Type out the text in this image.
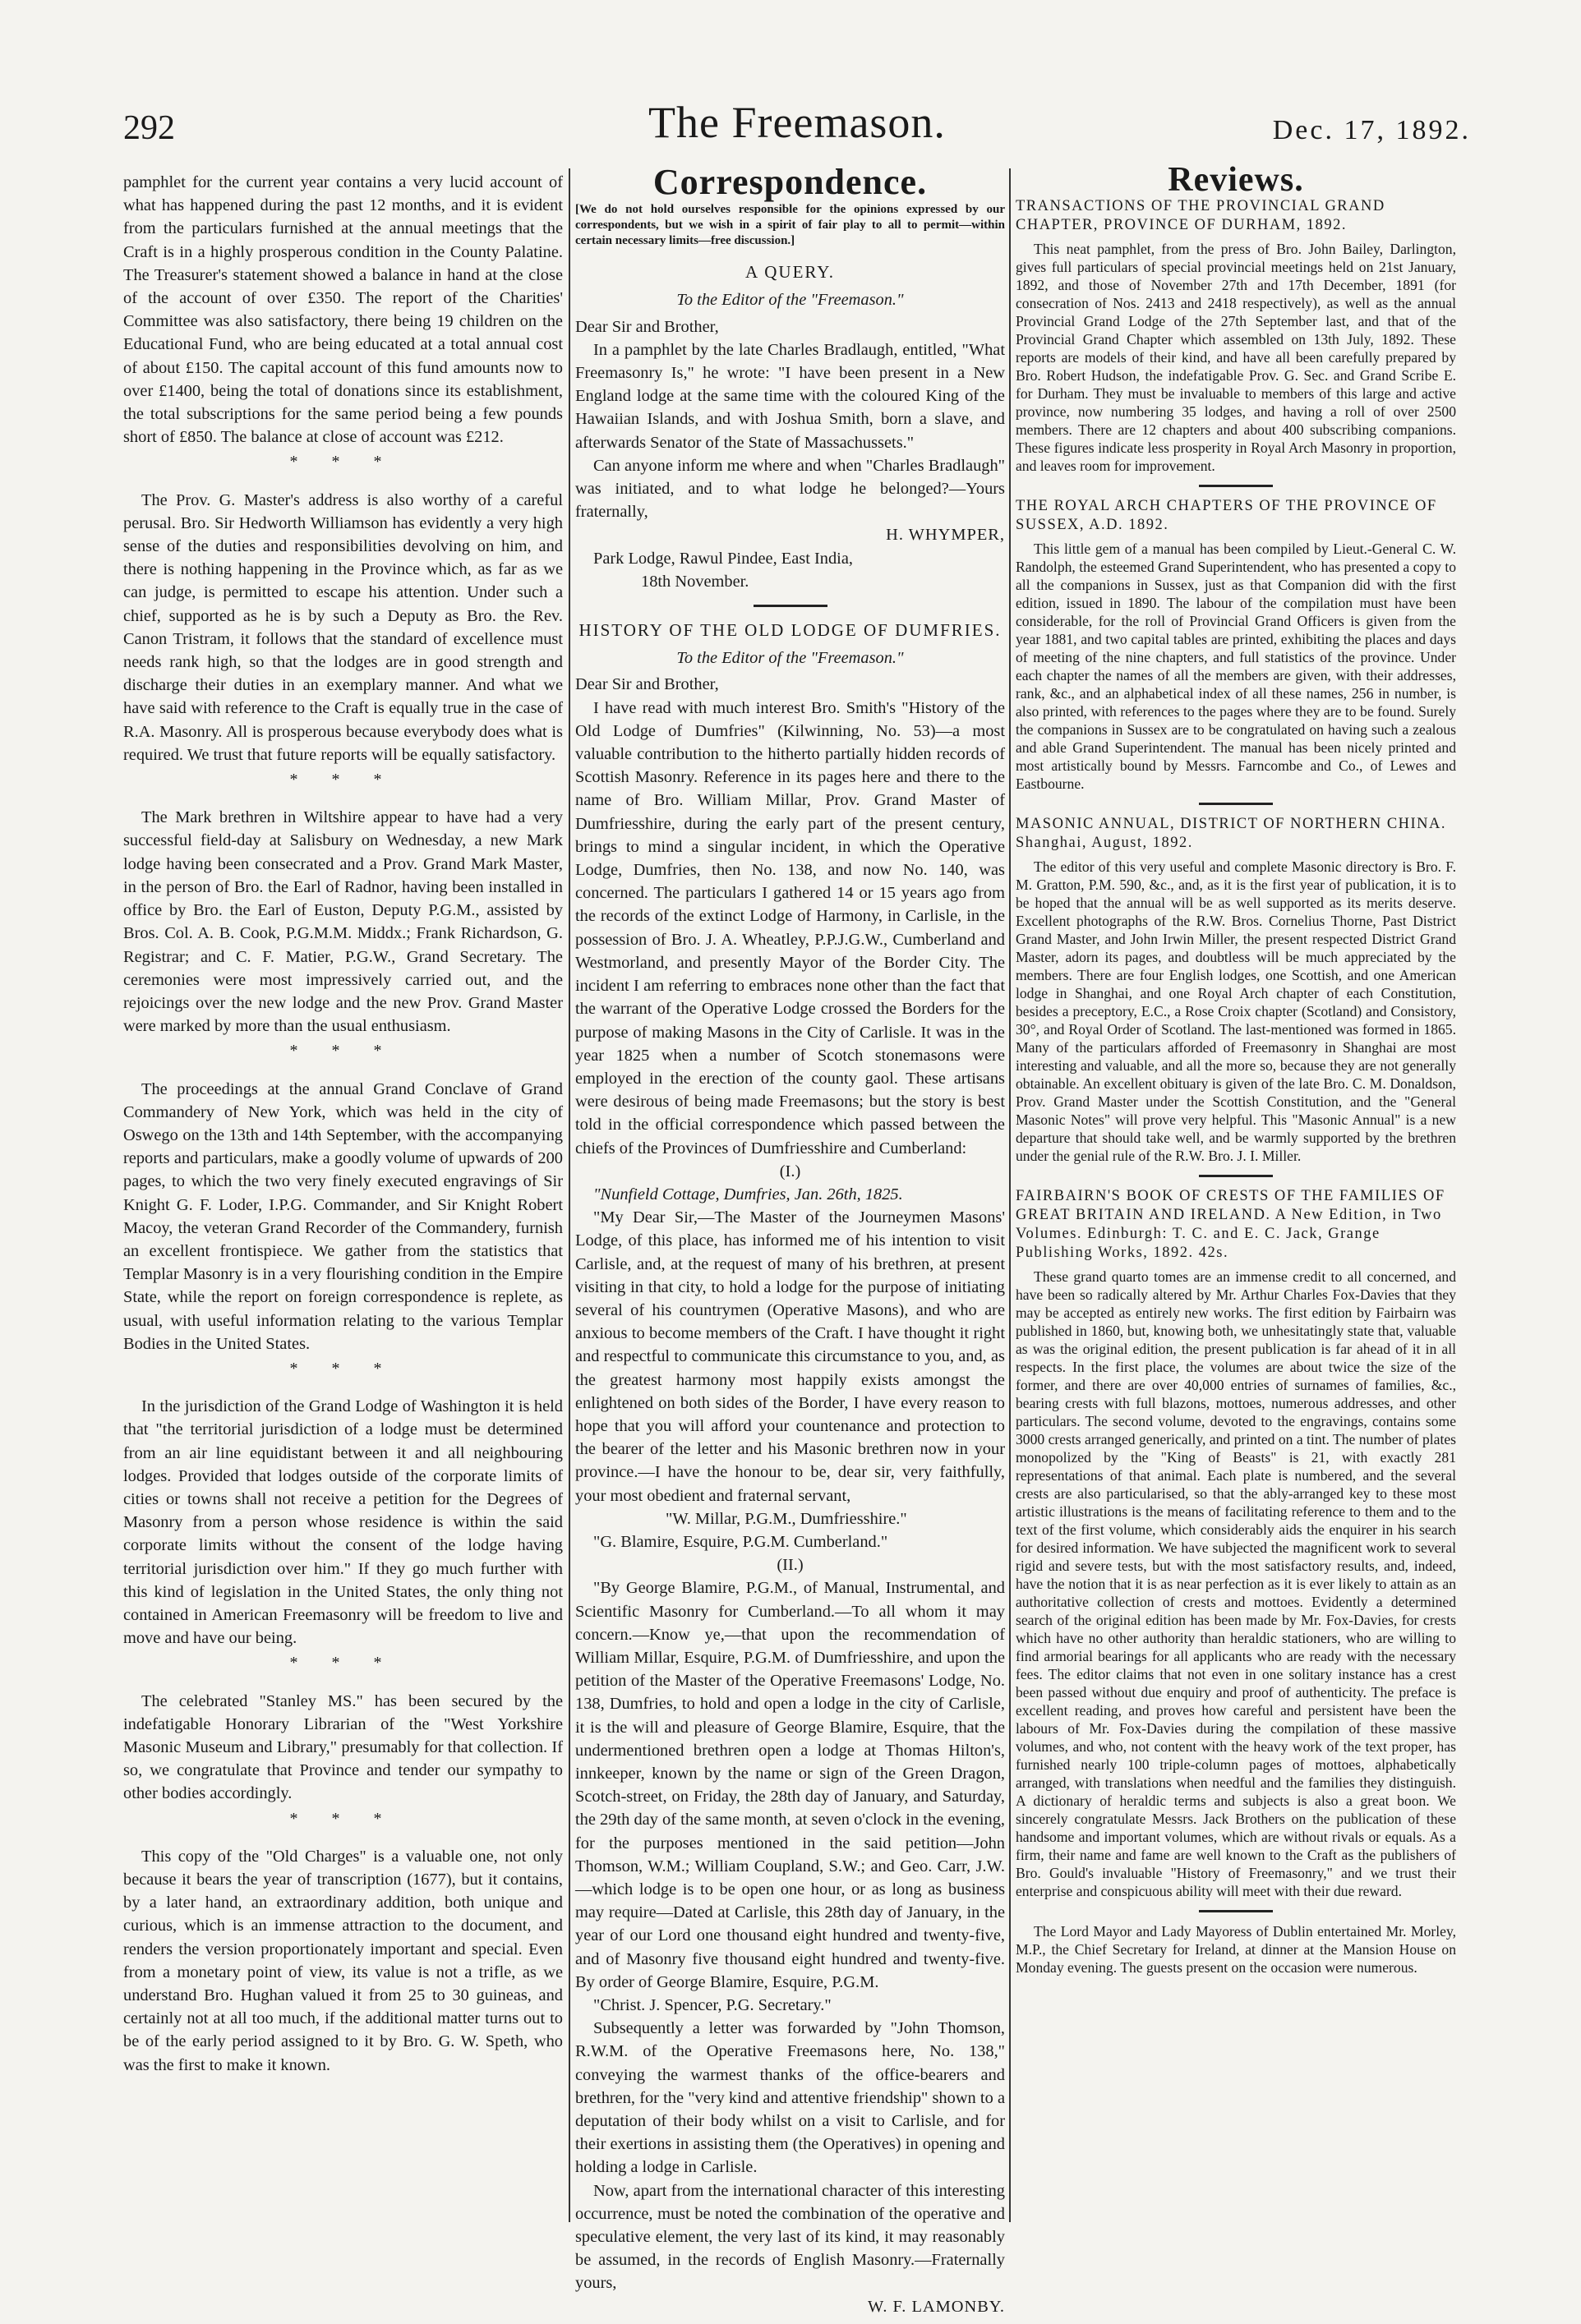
292	The Freemason.	Dec. 17, 1892.

pamphlet for the current year contains a very lucid account of what has happened during the past 12 months, and it is evident from the particulars furnished at the annual meetings that the Craft is in a highly prosperous condition in the County Palatine. The Treasurer's statement showed a balance in hand at the close of the account of over £350. The report of the Charities' Committee was also satisfactory, there being 19 children on the Educational Fund, who are being educated at a total annual cost of about £150. The capital account of this fund amounts now to over £1400, being the total of donations since its establishment, the total subscriptions for the same period being a few pounds short of £850. The balance at close of account was £212.

* * *

The Prov. G. Master's address is also worthy of a careful perusal. Bro. Sir Hedworth Williamson has evidently a very high sense of the duties and responsibilities devolving on him, and there is nothing happening in the Province which, as far as we can judge, is permitted to escape his attention. Under such a chief, supported as he is by such a Deputy as Bro. the Rev. Canon Tristram, it follows that the standard of excellence must needs rank high, so that the lodges are in good strength and discharge their duties in an exemplary manner. And what we have said with reference to the Craft is equally true in the case of R.A. Masonry. All is prosperous because everybody does what is required. We trust that future reports will be equally satisfactory.

* * *

The Mark brethren in Wiltshire appear to have had a very successful field-day at Salisbury on Wednesday, a new Mark lodge having been consecrated and a Prov. Grand Mark Master, in the person of Bro. the Earl of Radnor, having been installed in office by Bro. the Earl of Euston, Deputy P.G.M., assisted by Bros. Col. A. B. Cook, P.G.M.M. Middx.; Frank Richardson, G. Registrar; and C. F. Matier, P.G.W., Grand Secretary. The ceremonies were most impressively carried out, and the rejoicings over the new lodge and the new Prov. Grand Master were marked by more than the usual enthusiasm.

* * *

The proceedings at the annual Grand Conclave of Grand Commandery of New York, which was held in the city of Oswego on the 13th and 14th September, with the accompanying reports and particulars, make a goodly volume of upwards of 200 pages, to which the two very finely executed engravings of Sir Knight G. F. Loder, I.P.G. Commander, and Sir Knight Robert Macoy, the veteran Grand Recorder of the Commandery, furnish an excellent frontispiece. We gather from the statistics that Templar Masonry is in a very flourishing condition in the Empire State, while the report on foreign correspondence is replete, as usual, with useful information relating to the various Templar Bodies in the United States.

* * *

In the jurisdiction of the Grand Lodge of Washington it is held that "the territorial jurisdiction of a lodge must be determined from an air line equidistant between it and all neighbouring lodges. Provided that lodges outside of the corporate limits of cities or towns shall not receive a petition for the Degrees of Masonry from a person whose residence is within the said corporate limits without the consent of the lodge having territorial jurisdiction over him." If they go much further with this kind of legislation in the United States, the only thing not contained in American Freemasonry will be freedom to live and move and have our being.

* * *

The celebrated "Stanley MS." has been secured by the indefatigable Honorary Librarian of the "West Yorkshire Masonic Museum and Library," presumably for that collection. If so, we congratulate that Province and tender our sympathy to other bodies accordingly.

* * *

This copy of the "Old Charges" is a valuable one, not only because it bears the year of transcription (1677), but it contains, by a later hand, an extraordinary addition, both unique and curious, which is an immense attraction to the document, and renders the version proportionately important and special. Even from a monetary point of view, its value is not a trifle, as we understand Bro. Hughan valued it from 25 to 30 guineas, and certainly not at all too much, if the additional matter turns out to be of the early period assigned to it by Bro. G. W. Speth, who was the first to make it known.

Correspondence.
[We do not hold ourselves responsible for the opinions expressed by our correspondents, but we wish in a spirit of fair play to all to permit—within certain necessary limits—free discussion.]
A QUERY.
To the Editor of the "Freemason."

Dear Sir and Brother,

In a pamphlet by the late Charles Bradlaugh, entitled, "What Freemasonry Is," he wrote: "I have been present in a New England lodge at the same time with the coloured King of the Hawaiian Islands, and with Joshua Smith, born a slave, and afterwards Senator of the State of Massachussets."

Can anyone inform me where and when "Charles Bradlaugh" was initiated, and to what lodge he belonged?—Yours fraternally,

H. WHYMPER,

Park Lodge, Rawul Pindee, East India,

18th November.

HISTORY OF THE OLD LODGE OF DUMFRIES.
To the Editor of the "Freemason."

Dear Sir and Brother,

I have read with much interest Bro. Smith's "History of the Old Lodge of Dumfries" (Kilwinning, No. 53)—a most valuable contribution to the hitherto partially hidden records of Scottish Masonry. Reference in its pages here and there to the name of Bro. William Millar, Prov. Grand Master of Dumfriesshire, during the early part of the present century, brings to mind a singular incident, in which the Operative Lodge, Dumfries, then No. 138, and now No. 140, was concerned. The particulars I gathered 14 or 15 years ago from the records of the extinct Lodge of Harmony, in Carlisle, in the possession of Bro. J. A. Wheatley, P.P.J.G.W., Cumberland and Westmorland, and presently Mayor of the Border City. The incident I am referring to embraces none other than the fact that the warrant of the Operative Lodge crossed the Borders for the purpose of making Masons in the City of Carlisle. It was in the year 1825 when a number of Scotch stonemasons were employed in the erection of the county gaol. These artisans were desirous of being made Freemasons; but the story is best told in the official correspondence which passed between the chiefs of the Provinces of Dumfriesshire and Cumberland:

(I.)

"Nunfield Cottage, Dumfries, Jan. 26th, 1825.

"My Dear Sir,—The Master of the Journeymen Masons' Lodge, of this place, has informed me of his intention to visit Carlisle, and, at the request of many of his brethren, at present visiting in that city, to hold a lodge for the purpose of initiating several of his countrymen (Operative Masons), and who are anxious to become members of the Craft. I have thought it right and respectful to communicate this circumstance to you, and, as the greatest harmony most happily exists amongst the enlightened on both sides of the Border, I have every reason to hope that you will afford your countenance and protection to the bearer of the letter and his Masonic brethren now in your province.—I have the honour to be, dear sir, very faithfully, your most obedient and fraternal servant,

"W. Millar, P.G.M., Dumfriesshire."

"G. Blamire, Esquire, P.G.M. Cumberland."

(II.)

"By George Blamire, P.G.M., of Manual, Instrumental, and Scientific Masonry for Cumberland.—To all whom it may concern.—Know ye,—that upon the recommendation of William Millar, Esquire, P.G.M. of Dumfriesshire, and upon the petition of the Master of the Operative Freemasons' Lodge, No. 138, Dumfries, to hold and open a lodge in the city of Carlisle, it is the will and pleasure of George Blamire, Esquire, that the undermentioned brethren open a lodge at Thomas Hilton's, innkeeper, known by the name or sign of the Green Dragon, Scotch-street, on Friday, the 28th day of January, and Saturday, the 29th day of the same month, at seven o'clock in the evening, for the purposes mentioned in the said petition—John Thomson, W.M.; William Coupland, S.W.; and Geo. Carr, J.W.—which lodge is to be open one hour, or as long as business may require—Dated at Carlisle, this 28th day of January, in the year of our Lord one thousand eight hundred and twenty-five, and of Masonry five thousand eight hundred and twenty-five. By order of George Blamire, Esquire, P.G.M.

"Christ. J. Spencer, P.G. Secretary."

Subsequently a letter was forwarded by "John Thomson, R.W.M. of the Operative Freemasons here, No. 138," conveying the warmest thanks of the office-bearers and brethren, for the "very kind and attentive friendship" shown to a deputation of their body whilst on a visit to Carlisle, and for their exertions in assisting them (the Operatives) in opening and holding a lodge in Carlisle.

Now, apart from the international character of this interesting occurrence, must be noted the combination of the operative and speculative element, the very last of its kind, it may reasonably be assumed, in the records of English Masonry.—Fraternally yours,

W. F. LAMONBY.
Reviews.
TRANSACTIONS OF THE PROVINCIAL GRAND CHAPTER, PROVINCE OF DURHAM, 1892.

This neat pamphlet, from the press of Bro. John Bailey, Darlington, gives full particulars of special provincial meetings held on 21st January, 1892, and those of November 27th and 17th December, 1891 (for consecration of Nos. 2413 and 2418 respectively), as well as the annual Provincial Grand Lodge of the 27th September last, and that of the Provincial Grand Chapter which assembled on 13th July, 1892. These reports are models of their kind, and have all been carefully prepared by Bro. Robert Hudson, the indefatigable Prov. G. Sec. and Grand Scribe E. for Durham. They must be invaluable to members of this large and active province, now numbering 35 lodges, and having a roll of over 2500 members. There are 12 chapters and about 400 subscribing companions. These figures indicate less prosperity in Royal Arch Masonry in proportion, and leaves room for improvement.

THE ROYAL ARCH CHAPTERS OF THE PROVINCE OF SUSSEX, A.D. 1892.

This little gem of a manual has been compiled by Lieut.-General C. W. Randolph, the esteemed Grand Superintendent, who has presented a copy to all the companions in Sussex, just as that Companion did with the first edition, issued in 1890. The labour of the compilation must have been considerable, for the roll of Provincial Grand Officers is given from the year 1881, and two capital tables are printed, exhibiting the places and days of meeting of the nine chapters, and full statistics of the province. Under each chapter the names of all the members are given, with their addresses, rank, &c., and an alphabetical index of all these names, 256 in number, is also printed, with references to the pages where they are to be found. Surely the companions in Sussex are to be congratulated on having such a zealous and able Grand Superintendent. The manual has been nicely printed and most artistically bound by Messrs. Farncombe and Co., of Lewes and Eastbourne.

MASONIC ANNUAL, DISTRICT OF NORTHERN CHINA. Shanghai, August, 1892.

The editor of this very useful and complete Masonic directory is Bro. F. M. Gratton, P.M. 590, &c., and, as it is the first year of publication, it is to be hoped that the annual will be as well supported as its merits deserve. Excellent photographs of the R.W. Bros. Cornelius Thorne, Past District Grand Master, and John Irwin Miller, the present respected District Grand Master, adorn its pages, and doubtless will be much appreciated by the members. There are four English lodges, one Scottish, and one American lodge in Shanghai, and one Royal Arch chapter of each Constitution, besides a preceptory, E.C., a Rose Croix chapter (Scotland) and Consistory, 30°, and Royal Order of Scotland. The last-mentioned was formed in 1865. Many of the particulars afforded of Freemasonry in Shanghai are most interesting and valuable, and all the more so, because they are not generally obtainable. An excellent obituary is given of the late Bro. C. M. Donaldson, Prov. Grand Master under the Scottish Constitution, and the "General Masonic Notes" will prove very helpful. This "Masonic Annual" is a new departure that should take well, and be warmly supported by the brethren under the genial rule of the R.W. Bro. J. I. Miller.

FAIRBAIRN'S BOOK OF CRESTS OF THE FAMILIES OF GREAT BRITAIN AND IRELAND. A New Edition, in Two Volumes. Edinburgh: T. C. and E. C. Jack, Grange Publishing Works, 1892. 42s.

These grand quarto tomes are an immense credit to all concerned, and have been so radically altered by Mr. Arthur Charles Fox-Davies that they may be accepted as entirely new works. The first edition by Fairbairn was published in 1860, but, knowing both, we unhesitatingly state that, valuable as was the original edition, the present publication is far ahead of it in all respects. In the first place, the volumes are about twice the size of the former, and there are over 40,000 entries of surnames of families, &c., bearing crests with full blazons, mottoes, numerous addresses, and other particulars. The second volume, devoted to the engravings, contains some 3000 crests arranged generically, and printed on a tint. The number of plates monopolized by the "King of Beasts" is 21, with exactly 281 representations of that animal. Each plate is numbered, and the several crests are also particularised, so that the ably-arranged key to these most artistic illustrations is the means of facilitating reference to them and to the text of the first volume, which considerably aids the enquirer in his search for desired information. We have subjected the magnificent work to several rigid and severe tests, but with the most satisfactory results, and, indeed, have the notion that it is as near perfection as it is ever likely to attain as an authoritative collection of crests and mottoes. Evidently a determined search of the original edition has been made by Mr. Fox-Davies, for crests which have no other authority than heraldic stationers, who are willing to find armorial bearings for all applicants who are ready with the necessary fees. The editor claims that not even in one solitary instance has a crest been passed without due enquiry and proof of authenticity. The preface is excellent reading, and proves how careful and persistent have been the labours of Mr. Fox-Davies during the compilation of these massive volumes, and who, not content with the heavy work of the text proper, has furnished nearly 100 triple-column pages of mottoes, alphabetically arranged, with translations when needful and the families they distinguish. A dictionary of heraldic terms and subjects is also a great boon. We sincerely congratulate Messrs. Jack Brothers on the publication of these handsome and important volumes, which are without rivals or equals. As a firm, their name and fame are well known to the Craft as the publishers of Bro. Gould's invaluable "History of Freemasonry," and we trust their enterprise and conspicuous ability will meet with their due reward.

The Lord Mayor and Lady Mayoress of Dublin entertained Mr. Morley, M.P., the Chief Secretary for Ireland, at dinner at the Mansion House on Monday evening. The guests present on the occasion were numerous.
